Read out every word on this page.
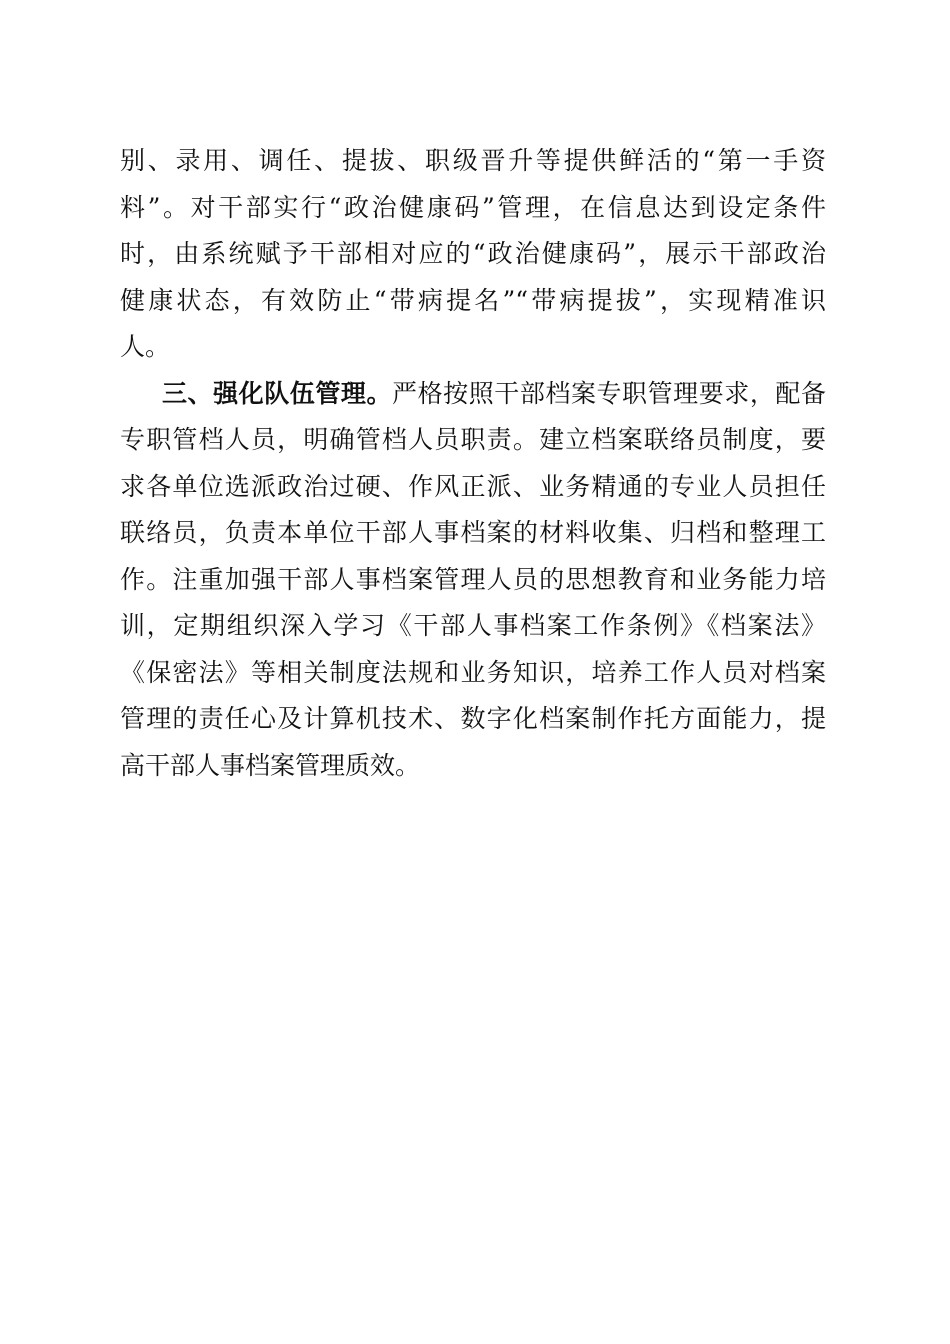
别、录用、调任、提拔、职级晋升等提供鲜活的“第一手资
料”。对干部实行“政治健康码”管理，在信息达到设定条件
时，由系统赋予干部相对应的“政治健康码”，展示干部政治
健康状态，有效防止“带病提名”“带病提拔”，实现精准识
人。
三、强化队伍管理。严格按照干部档案专职管理要求，配备
专职管档人员，明确管档人员职责。建立档案联络员制度，要
求各单位选派政治过硬、作风正派、业务精通的专业人员担任
联络员，负责本单位干部人事档案的材料收集、归档和整理工
作。注重加强干部人事档案管理人员的思想教育和业务能力培
训，定期组织深入学习《干部人事档案工作条例》《档案法》
《保密法》等相关制度法规和业务知识，培养工作人员对档案
管理的责任心及计算机技术、数字化档案制作托方面能力，提
高干部人事档案管理质效。
